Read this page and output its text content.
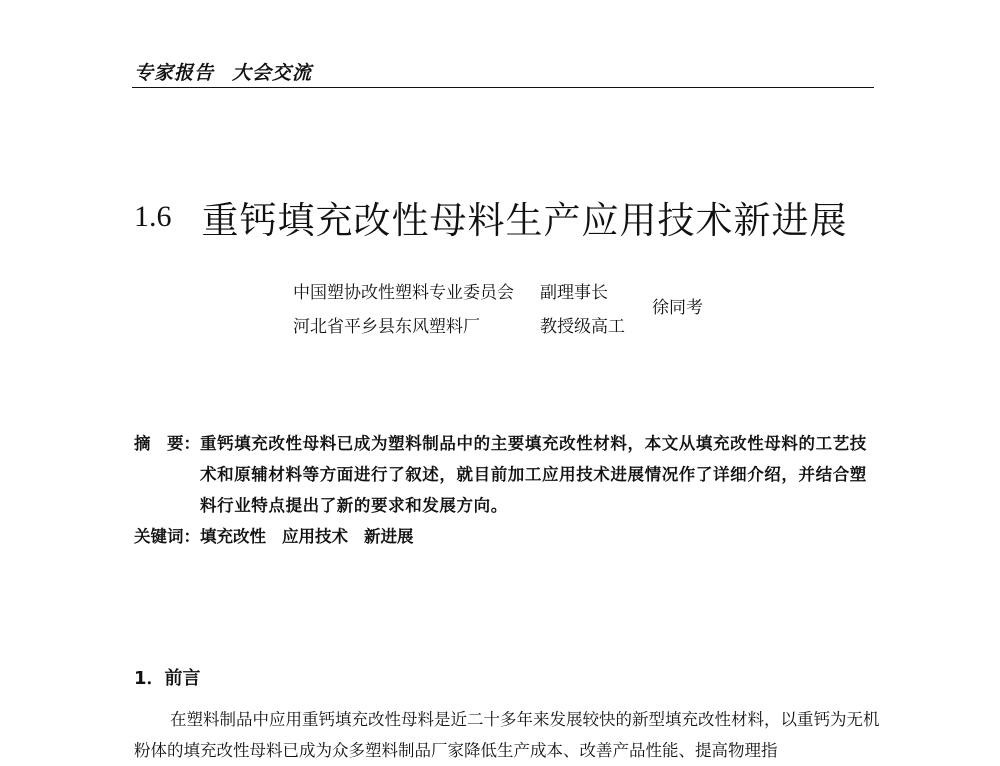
专家报告 大会交流
1.6 重钙填充改性母料生产应用技术新进展
中国塑协改性塑料专业委员会 副理事长
河北省平乡县东风塑料厂	教授级高工
徐同考
摘　要： 重钙填充改性母料已成为塑料制品中的主要填充改性材料，本文从填充改性母料的工艺技术和原辅材料等方面进行了叙述，就目前加工应用技术进展情况作了详细介绍，并结合塑料行业特点提出了新的要求和发展方向。
关键词：填充改性 应用技术 新进展
1．前言
在塑料制品中应用重钙填充改性母料是近二十多年来发展较快的新型填充改性材料，以重钙为无机粉体的填充改性母料已成为众多塑料制品厂家降低生产成本、改善产品性能、提高物理指
